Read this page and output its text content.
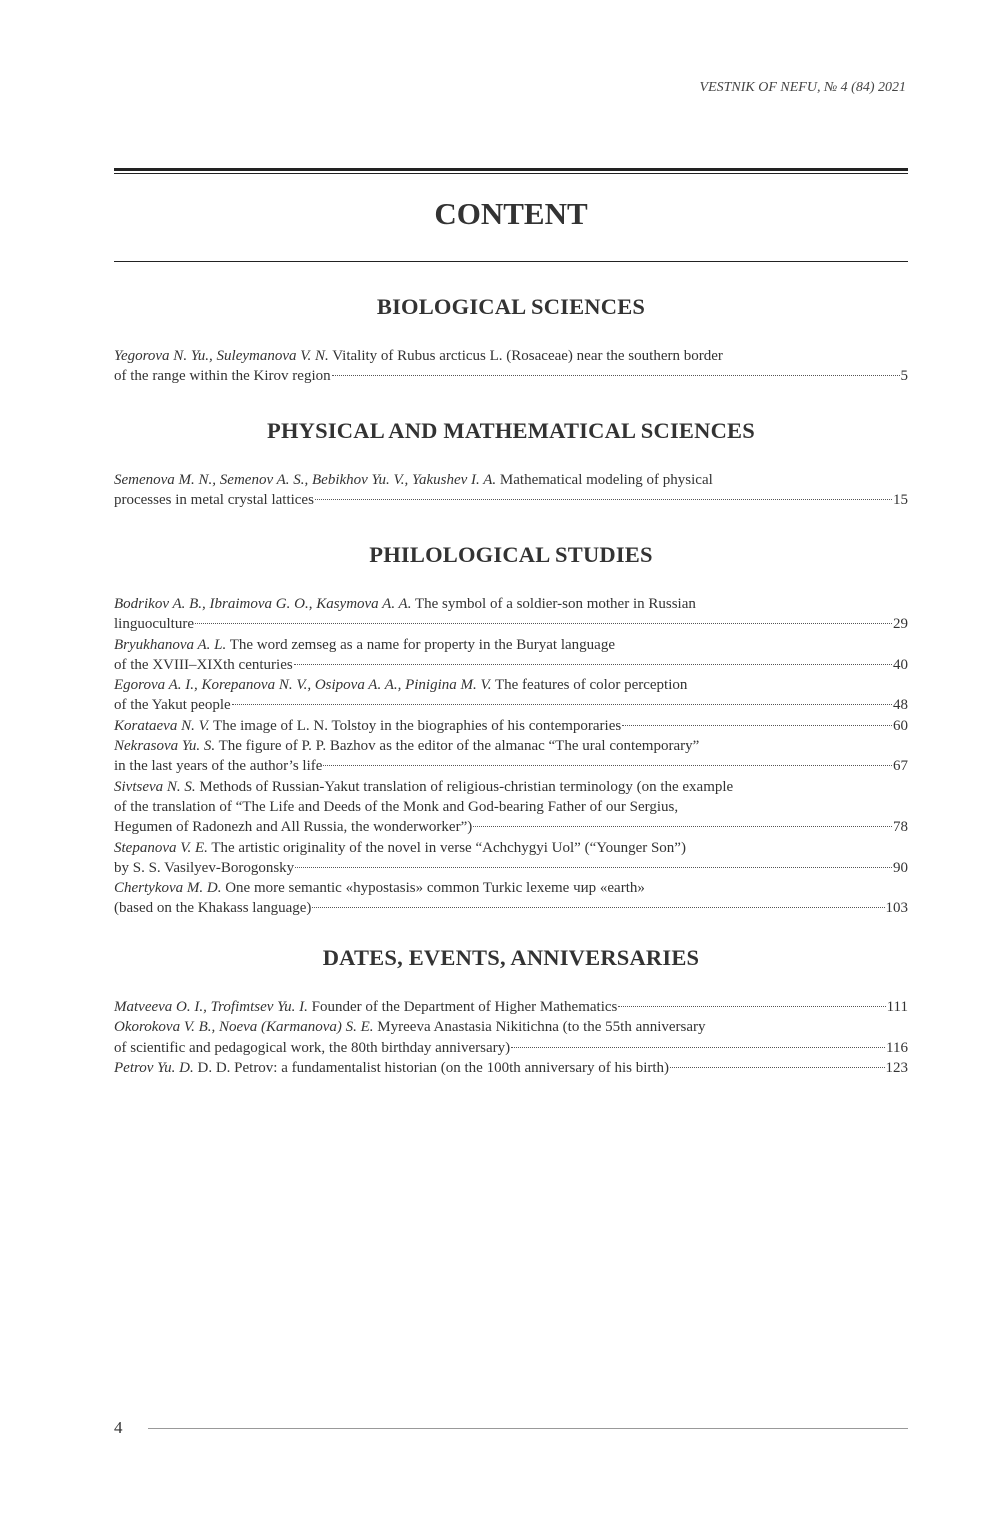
VESTNIK OF NEFU, № 4 (84) 2021
CONTENT
BIOLOGICAL SCIENCES
Yegorova N. Yu., Suleymanova V. N. Vitality of Rubus arcticus L. (Rosaceae) near the southern border
of the range within the Kirov region	5
PHYSICAL AND MATHEMATICAL SCIENCES
Semenova M. N., Semenov A. S., Bebikhov Yu. V., Yakushev I. A. Mathematical modeling of physical
processes in metal crystal lattices	15
PHILOLOGICAL STUDIES
Bodrikov A. B., Ibraimova G. O., Kasymova A. A. The symbol of a soldier-son mother in Russian
linguoculture	29
Bryukhanova A. L. The word zemseg as a name for property in the Buryat language
of the XVIII–XIXth centuries	40
Egorova A. I., Korepanova N. V., Osipova A. A., Pinigina M. V. The features of color perception
of the Yakut people	48
Korataeva N. V. The image of L. N. Tolstoy in the biographies of his contemporaries	60
Nekrasova Yu. S. The figure of P. P. Bazhov as the editor of the almanac “The ural contemporary”
in the last years of the author’s life	67
Sivtseva N. S. Methods of Russian-Yakut translation of religious-christian terminology (on the example
of the translation of “The Life and Deeds of the Monk and God-bearing Father of our Sergius,
Hegumen of Radonezh and All Russia, the wonderworker”)	78
Stepanova V. E. The artistic originality of the novel in verse “Achchygyi Uol” (“Younger Son”)
by S. S. Vasilyev-Borogonsky	90
Chertykova M. D. One more semantic «hypostasis» common Turkic lexeme чир «earth»
(based on the Khakass language)	103
DATES, EVENTS, ANNIVERSARIES
Matveeva O. I., Trofimtsev Yu. I. Founder of the Department of Higher Mathematics	111
Okorokova V. B., Noeva (Karmanova) S. E. Myreeva Anastasia Nikitichna (to the 55th anniversary
of scientific and pedagogical work, the 80th birthday anniversary)	116
Petrov Yu. D. D. D. Petrov: a fundamentalist historian (on the 100th anniversary of his birth)	123
4
